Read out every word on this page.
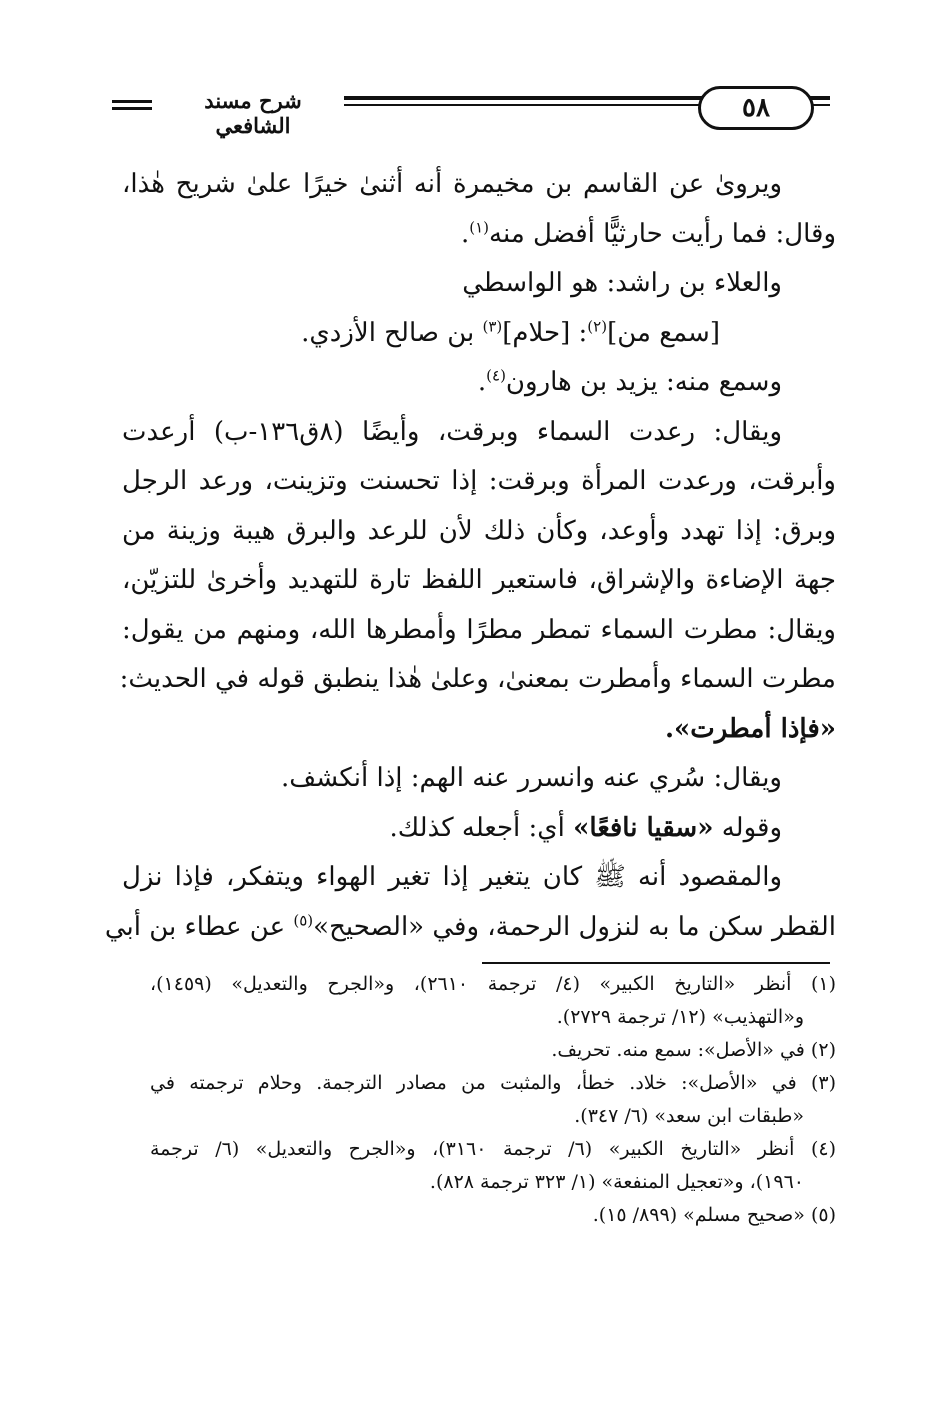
شرح مسند الشافعي
٥٨
ويروىٰ عن القاسم بن مخيمرة أنه أثنىٰ خيرًا علىٰ شريح هٰذا،
وقال: فما رأيت حارثيًّا أفضل منه$^{(١)}$.
والعلاء بن راشد: هو الواسطي
[سمع من]$^{(٢)}$: [حلام]$^{(٣)}$ بن صالح الأزدي.
وسمع منه: يزيد بن هارون$^{(٤)}$.
ويقال: رعدت السماء وبرقت، وأيضًا (٨ق١٣٦-ب) أرعدت
وأبرقت، ورعدت المرأة وبرقت: إذا تحسنت وتزينت، ورعد الرجل
وبرق: إذا تهدد وأوعد، وكأن ذلك لأن للرعد والبرق هيبة وزينة من
جهة الإضاءة والإشراق، فاستعير اللفظ تارة للتهديد وأخرىٰ للتزيّن،
ويقال: مطرت السماء تمطر مطرًا وأمطرها الله، ومنهم من يقول:
مطرت السماء وأمطرت بمعنىٰ، وعلىٰ هٰذا ينطبق قوله في الحديث:
«فإذا أمطرت».
ويقال: سُري عنه وانسرر عنه الهم: إذا أنكشف.
وقوله «سقيا نافعًا» أي: أجعله كذلك.
والمقصود أنه ﷺ كان يتغير إذا تغير الهواء ويتفكر، فإذا نزل
القطر سكن ما به لنزول الرحمة، وفي «الصحيح»$^{(٥)}$ عن عطاء بن أبي
(١) أنظر «التاريخ الكبير» (٤/ ترجمة ٢٦١٠)، و«الجرح والتعديل» (١٤٥٩)،
و«التهذيب» (١٢/ ترجمة ٢٧٢٩).
(٢) في «الأصل»: سمع منه. تحريف.
(٣) في «الأصل»: خلاد. خطأ، والمثبت من مصادر الترجمة. وحلام ترجمته في
«طبقات ابن سعد» (٦/ ٣٤٧).
(٤) أنظر «التاريخ الكبير» (٦/ ترجمة ٣١٦٠)، و«الجرح والتعديل» (٦/ ترجمة
١٩٦٠)، و«تعجيل المنفعة» (١/ ٣٢٣ ترجمة ٨٢٨).
(٥) «صحيح مسلم» (٨٩٩/ ١٥).
